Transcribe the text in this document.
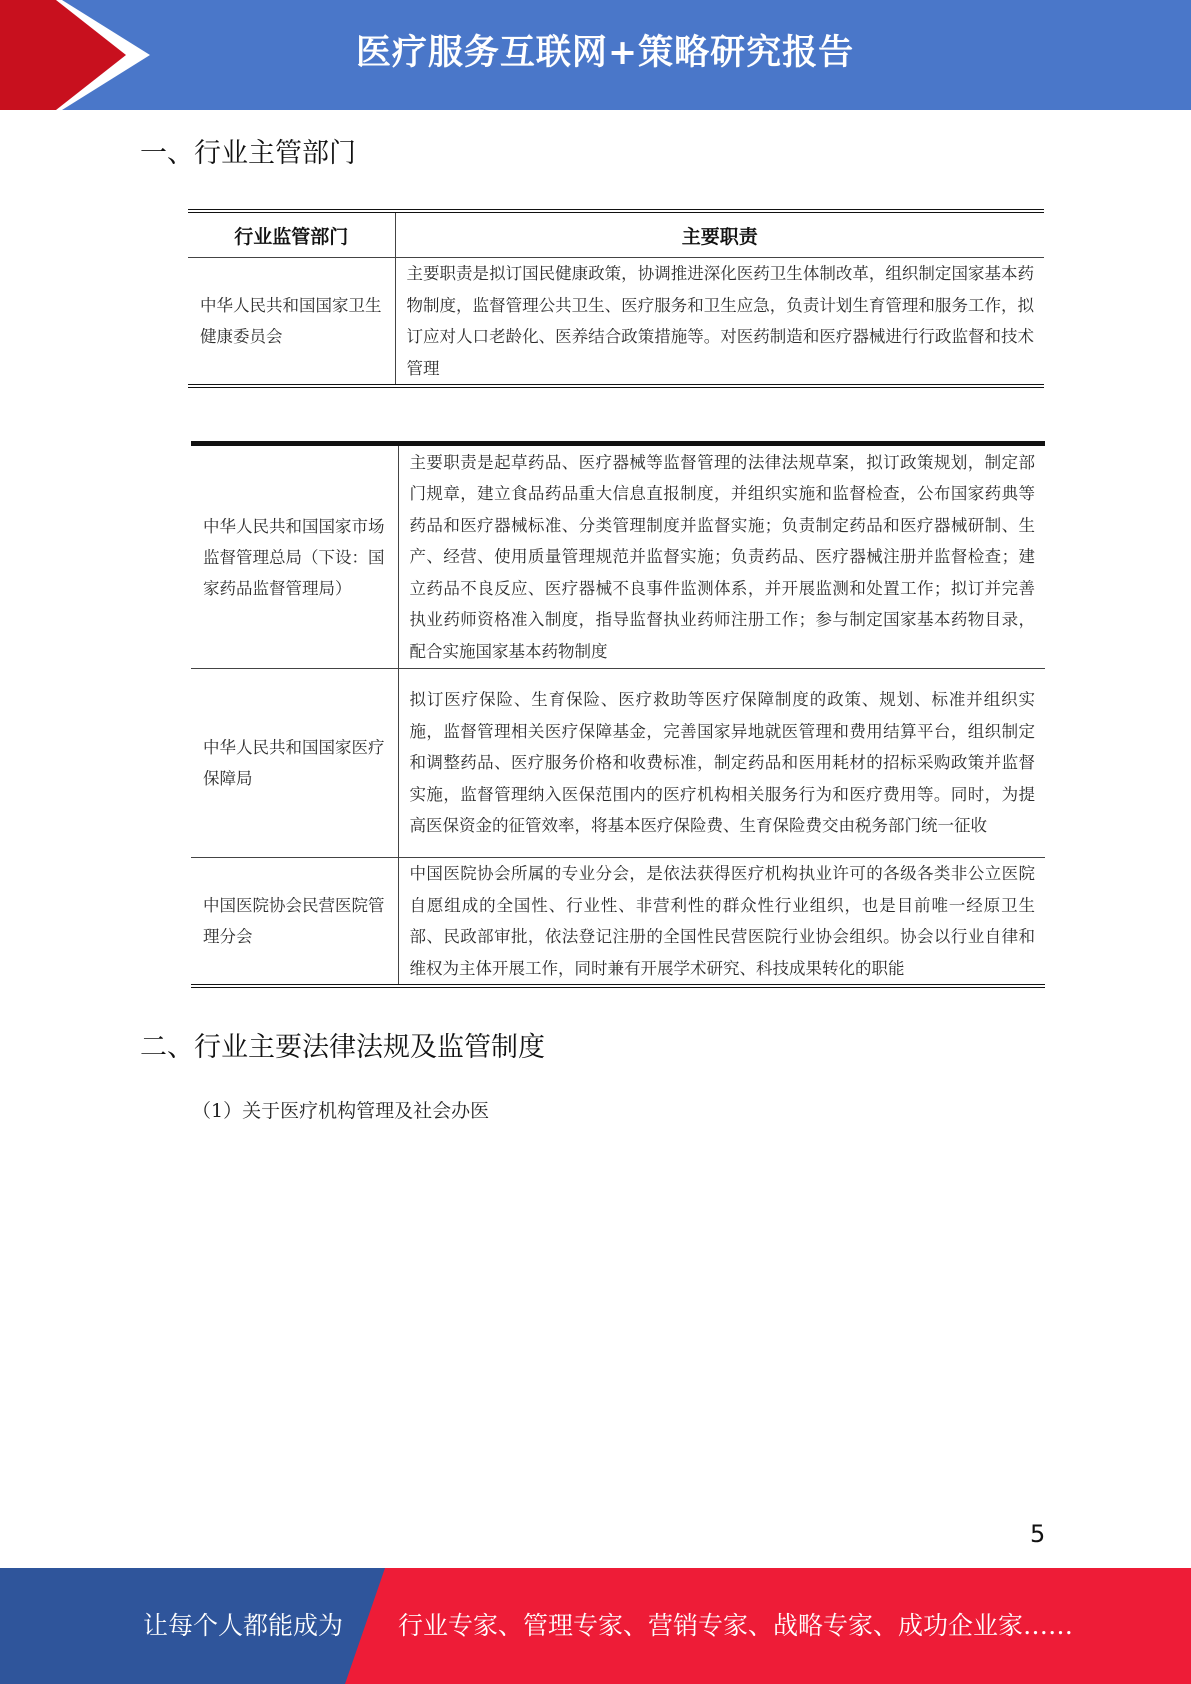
医疗服务互联网+策略研究报告
一、行业主管部门
行业监管部门	主要职责
中华人民共和国国家卫生健康委员会	主要职责是拟订国民健康政策，协调推进深化医药卫生体制改革，组织制定国家基本药物制度，监督管理公共卫生、医疗服务和卫生应急，负责计划生育管理和服务工作，拟订应对人口老龄化、医养结合政策措施等。对医药制造和医疗器械进行行政监督和技术管理
中华人民共和国国家市场监督管理总局（下设：国家药品监督管理局）	主要职责是起草药品、医疗器械等监督管理的法律法规草案，拟订政策规划，制定部门规章，建立食品药品重大信息直报制度，并组织实施和监督检查，公布国家药典等药品和医疗器械标准、分类管理制度并监督实施；负责制定药品和医疗器械研制、生产、经营、使用质量管理规范并监督实施；负责药品、医疗器械注册并监督检查；建立药品不良反应、医疗器械不良事件监测体系，并开展监测和处置工作；拟订并完善执业药师资格准入制度，指导监督执业药师注册工作；参与制定国家基本药物目录，配合实施国家基本药物制度
中华人民共和国国家医疗保障局	拟订医疗保险、生育保险、医疗救助等医疗保障制度的政策、规划、标准并组织实施，监督管理相关医疗保障基金，完善国家异地就医管理和费用结算平台，组织制定和调整药品、医疗服务价格和收费标准，制定药品和医用耗材的招标采购政策并监督实施，监督管理纳入医保范围内的医疗机构相关服务行为和医疗费用等。同时，为提高医保资金的征管效率，将基本医疗保险费、生育保险费交由税务部门统一征收
中国医院协会民营医院管理分会	中国医院协会所属的专业分会，是依法获得医疗机构执业许可的各级各类非公立医院自愿组成的全国性、行业性、非营利性的群众性行业组织，也是目前唯一经原卫生部、民政部审批，依法登记注册的全国性民营医院行业协会组织。协会以行业自律和维权为主体开展工作，同时兼有开展学术研究、科技成果转化的职能
二、行业主要法律法规及监管制度
（1）关于医疗机构管理及社会办医
5
让每个人都能成为 行业专家、管理专家、营销专家、战略专家、成功企业家……
